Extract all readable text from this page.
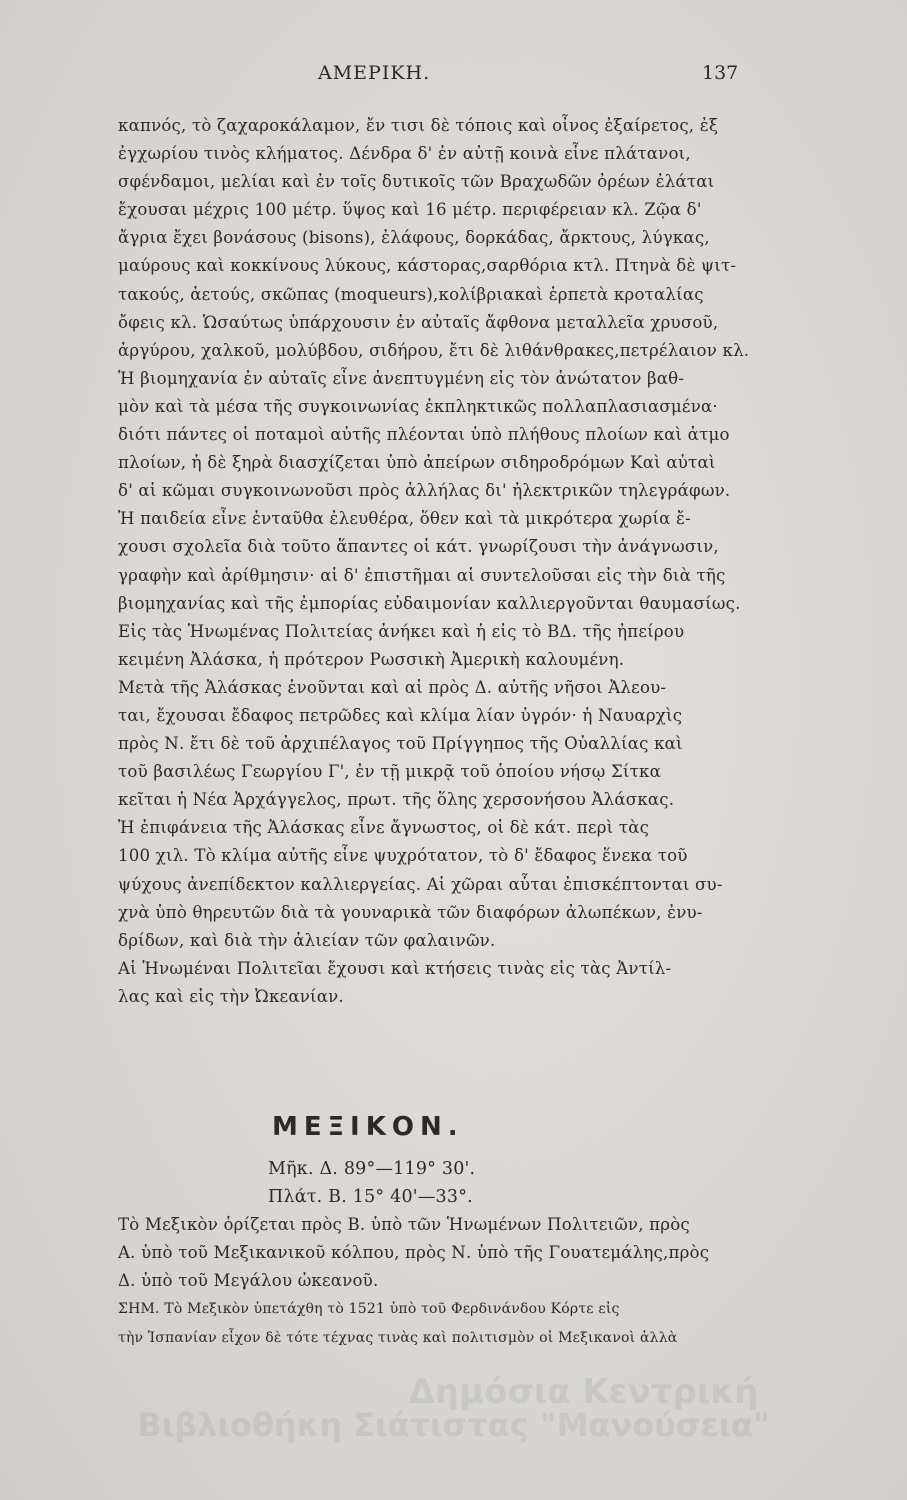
ΑΜΕΡΙΚΗ.	137
καπνός, τὸ ζαχαροκάλαμον, ἔν τισι δὲ τόποις καὶ οἶνος ἐξαίρετος, ἐξ
ἐγχωρίου τινὸς κλήματος. Δένδρα δ' ἐν αὐτῇ κοινὰ εἶνε πλάτανοι,
σφένδαμοι, μελίαι καὶ ἐν τοῖς δυτικοῖς τῶν Βραχωδῶν ὀρέων ἐλάται
ἔχουσαι μέχρις 100 μέτρ. ὕψος καὶ 16 μέτρ. περιφέρειαν κλ. Ζῷα δ'
ἄγρια ἔχει βονάσους (bisons), ἐλάφους, δορκάδας, ἄρκτους, λύγκας,
μαύρους καὶ κοκκίνους λύκους, κάστορας,σαρθόρια κτλ. Πτηνὰ δὲ ψιτ-
τακούς, ἀετούς, σκῶπας (moqueurs),κολίβριακαὶ ἑρπετὰ κροταλίας
ὄφεις κλ. Ὡσαύτως ὑπάρχουσιν ἐν αὐταῖς ἄφθονα μεταλλεῖα χρυσοῦ,
ἀργύρου, χαλκοῦ, μολύβδου, σιδήρου, ἔτι δὲ λιθάνθρακες,πετρέλαιον κλ.
Ἡ βιομηχανία ἐν αὐταῖς εἶνε ἀνεπτυγμένη εἰς τὸν ἀνώτατον βαθ-
μὸν καὶ τὰ μέσα τῆς συγκοινωνίας ἐκπληκτικῶς πολλαπλασιασμένα·
διότι πάντες οἱ ποταμοὶ αὐτῆς πλέονται ὑπὸ πλήθους πλοίων καὶ ἀτμο
πλοίων, ἡ δὲ ξηρὰ διασχίζεται ὑπὸ ἀπείρων σιδηροδρόμων Καὶ αὐταὶ
δ' αἱ κῶμαι συγκοινωνοῦσι πρὸς ἀλλήλας δι' ἠλεκτρικῶν τηλεγράφων.
Ἡ παιδεία εἶνε ἐνταῦθα ἐλευθέρα, ὅθεν καὶ τὰ μικρότερα χωρία ἔ-
χουσι σχολεῖα διὰ τοῦτο ἅπαντες οἱ κάτ. γνωρίζουσι τὴν ἀνάγνωσιν,
γραφὴν καὶ ἀρίθμησιν· αἱ δ' ἐπιστῆμαι αἱ συντελοῦσαι εἰς τὴν διὰ τῆς
βιομηχανίας καὶ τῆς ἐμπορίας εὐδαιμονίαν καλλιεργοῦνται θαυμασίως.
Εἰς τὰς Ἡνωμένας Πολιτείας ἀνήκει καὶ ἡ εἰς τὸ ΒΔ. τῆς ἠπείρου
κειμένη Ἀλάσκα, ἡ πρότερον Ρωσσικὴ Ἀμερικὴ καλουμένη.
Μετὰ τῆς Ἀλάσκας ἑνοῦνται καὶ αἱ πρὸς Δ. αὐτῆς νῆσοι Ἀλεου-
ται, ἔχουσαι ἔδαφος πετρῶδες καὶ κλίμα λίαν ὑγρόν· ἡ Ναυαρχὶς
πρὸς Ν. ἔτι δὲ τοῦ ἀρχιπέλαγος τοῦ Πρίγγηπος τῆς Οὐαλλίας καὶ
τοῦ βασιλέως Γεωργίου Γ', ἐν τῇ μικρᾷ τοῦ ὁποίου νήσῳ Σίτκα
κεῖται ἡ Νέα Ἀρχάγγελος, πρωτ. τῆς ὅλης χερσονήσου Ἀλάσκας.
Ἡ ἐπιφάνεια τῆς Ἀλάσκας εἶνε ἄγνωστος, οἱ δὲ κάτ. περὶ τὰς
100 χιλ. Τὸ κλίμα αὐτῆς εἶνε ψυχρότατον, τὸ δ' ἔδαφος ἕνεκα τοῦ
ψύχους ἀνεπίδεκτον καλλιεργείας. Αἱ χῶραι αὗται ἐπισκέπτονται συ-
χνὰ ὑπὸ θηρευτῶν διὰ τὰ γουναρικὰ τῶν διαφόρων ἀλωπέκων, ἐνυ-
δρίδων, καὶ διὰ τὴν ἁλιείαν τῶν φαλαινῶν.
Αἱ Ἡνωμέναι Πολιτεῖαι ἔχουσι καὶ κτήσεις τινὰς εἰς τὰς Ἀντίλ-
λας καὶ εἰς τὴν Ὠκεανίαν.
ΜΕΞΙΚΟΝ.
Μῆκ. Δ. 89°—119° 30'.
Πλάτ. Β. 15° 40'—33°.
Τὸ Μεξικὸν ὁρίζεται πρὸς Β. ὑπὸ τῶν Ἡνωμένων Πολιτειῶν, πρὸς
Α. ὑπὸ τοῦ Μεξικανικοῦ κόλπου, πρὸς Ν. ὑπὸ τῆς Γουατεμάλης,πρὸς
Δ. ὑπὸ τοῦ Μεγάλου ὠκεανοῦ.
ΣΗΜ. Τὸ Μεξικὸν ὑπετάχθη τὸ 1521 ὑπὸ τοῦ Φερδινάνδου Κόρτε εἰς
τὴν Ἱσπανίαν εἶχον δὲ τότε τέχνας τινὰς καὶ πολιτισμὸν οἱ Μεξικανοὶ ἀλλὰ
Δημόσια Κεντρική
Βιβλιοθήκη Σιάτιστας "Μανούσεια"
